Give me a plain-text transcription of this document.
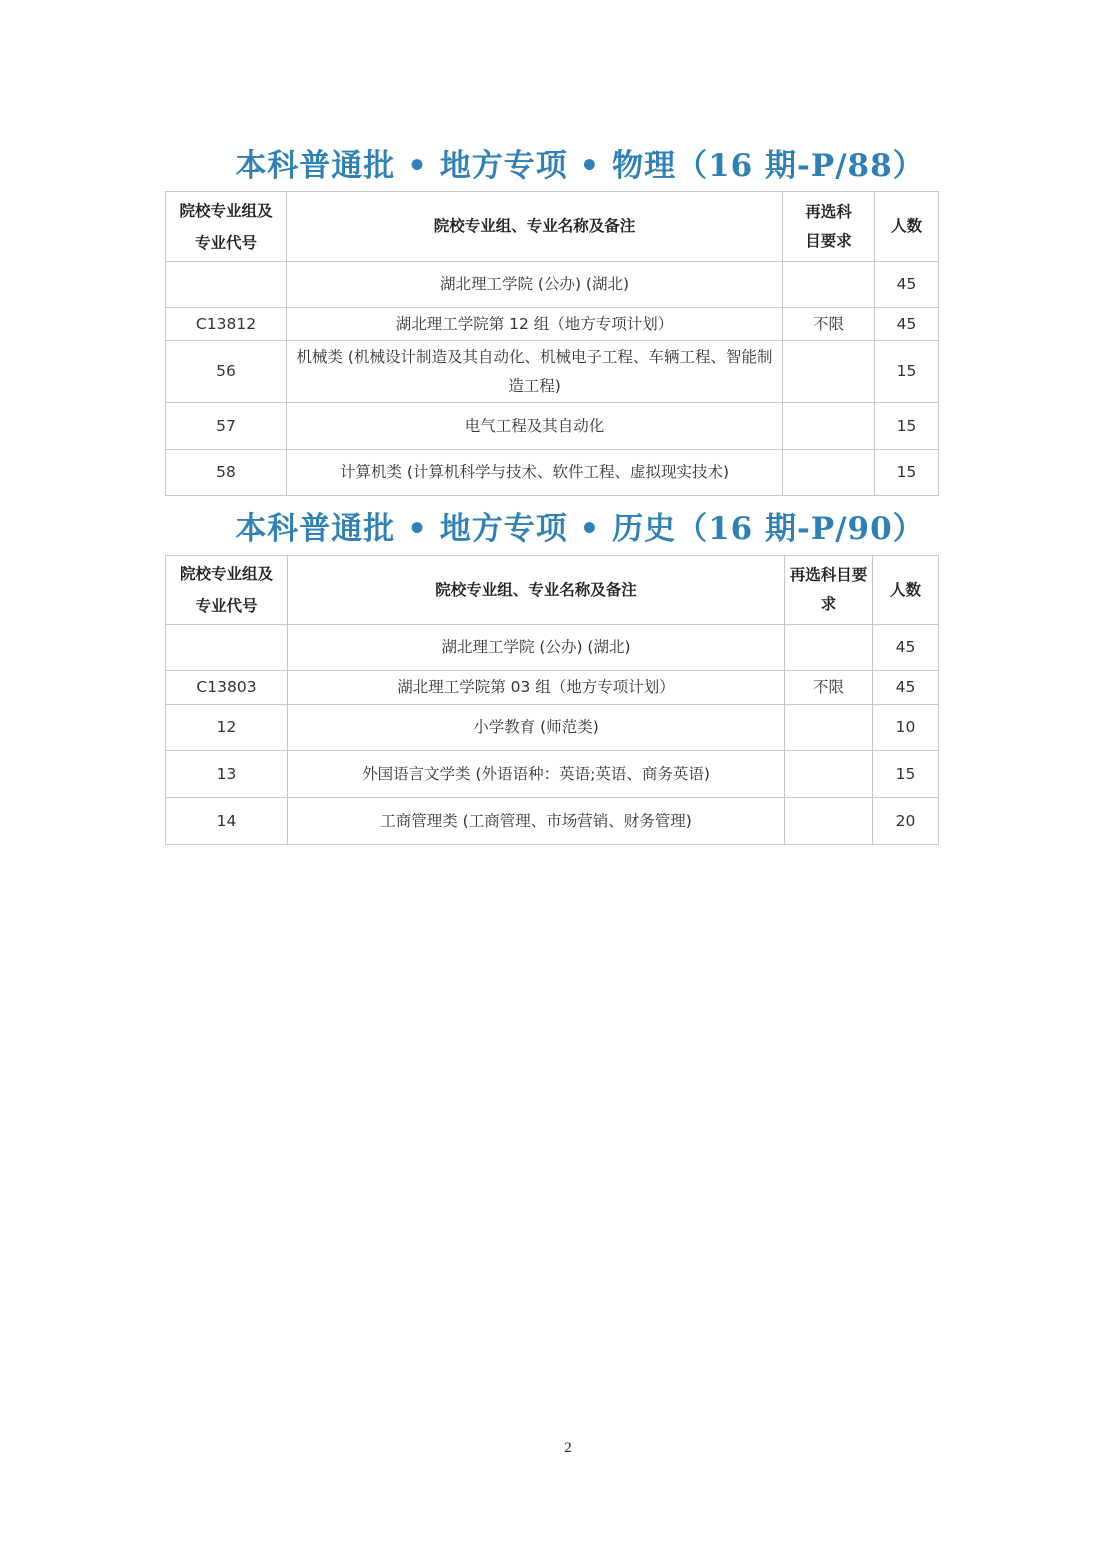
本科普通批 • 地方专项 • 物理（16 期-P/88）
院校专业组及专业代号	院校专业组、专业名称及备注	再选科目要求	人数
	湖北理工学院 (公办) (湖北)		45
C13812	湖北理工学院第 12 组（地方专项计划）	不限	45
56	机械类 (机械设计制造及其自动化、机械电子工程、车辆工程、智能制造工程)		15
57	电气工程及其自动化		15
58	计算机类 (计算机科学与技术、软件工程、虚拟现实技术)		15
本科普通批 • 地方专项 • 历史（16 期-P/90）
院校专业组及专业代号	院校专业组、专业名称及备注	再选科目要求	人数
	湖北理工学院 (公办) (湖北)		45
C13803	湖北理工学院第 03 组（地方专项计划）	不限	45
12	小学教育 (师范类)		10
13	外国语言文学类 (外语语种：英语;英语、商务英语)		15
14	工商管理类 (工商管理、市场营销、财务管理)		20
2
